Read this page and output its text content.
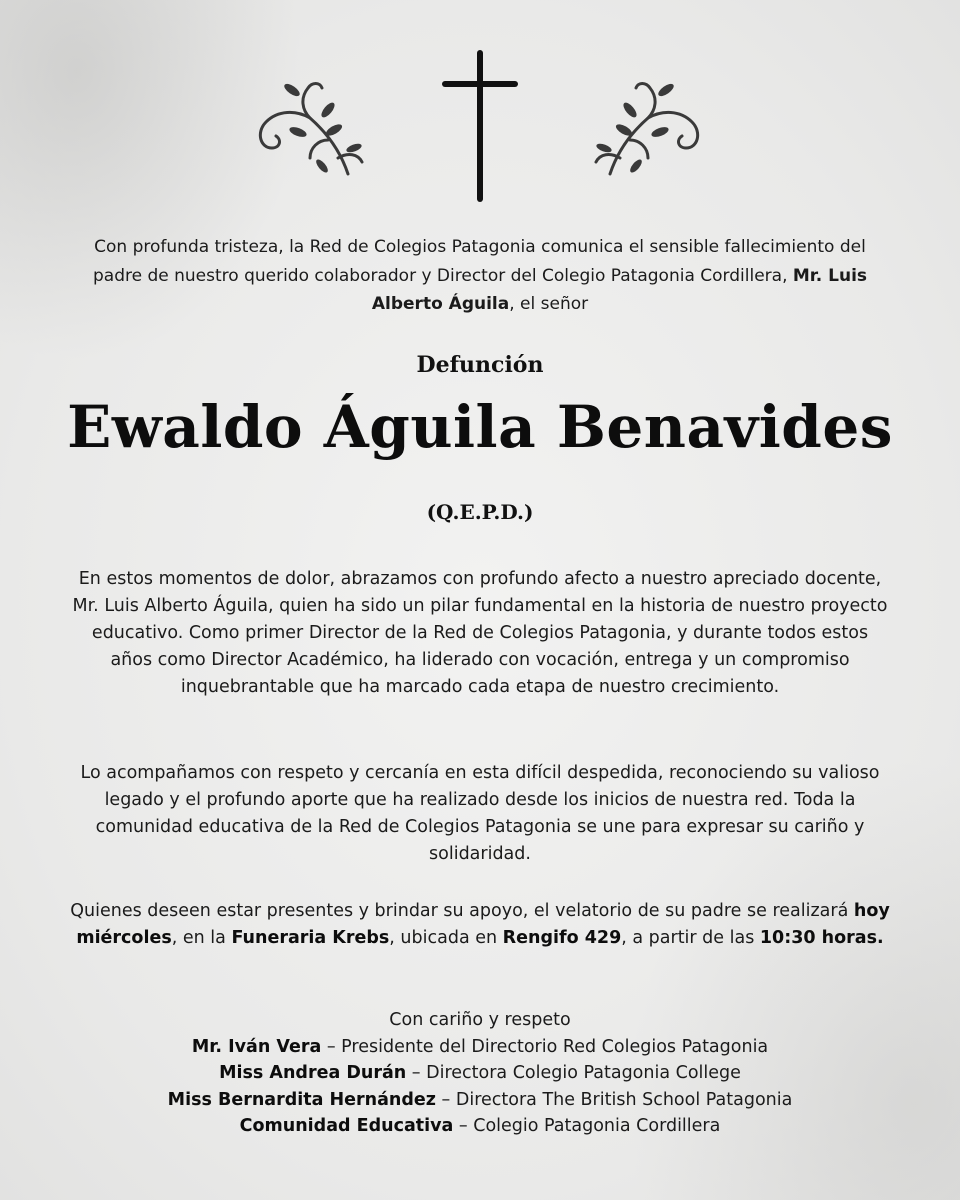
Con profunda tristeza, la Red de Colegios Patagonia comunica el sensible fallecimiento del padre de nuestro querido colaborador y Director del Colegio Patagonia Cordillera, Mr. Luis Alberto Águila, el señor
Defunción
Ewaldo Águila Benavides
(Q.E.P.D.)
En estos momentos de dolor, abrazamos con profundo afecto a nuestro apreciado docente, Mr. Luis Alberto Águila, quien ha sido un pilar fundamental en la historia de nuestro proyecto educativo. Como primer Director de la Red de Colegios Patagonia, y durante todos estos años como Director Académico, ha liderado con vocación, entrega y un compromiso inquebrantable que ha marcado cada etapa de nuestro crecimiento.
Lo acompañamos con respeto y cercanía en esta difícil despedida, reconociendo su valioso legado y el profundo aporte que ha realizado desde los inicios de nuestra red. Toda la comunidad educativa de la Red de Colegios Patagonia se une para expresar su cariño y solidaridad.
Quienes deseen estar presentes y brindar su apoyo, el velatorio de su padre se realizará hoy miércoles, en la Funeraria Krebs, ubicada en Rengifo 429, a partir de las 10:30 horas.
Con cariño y respeto
Mr. Iván Vera – Presidente del Directorio Red Colegios Patagonia
Miss Andrea Durán – Directora Colegio Patagonia College
Miss Bernardita Hernández – Directora The British School Patagonia
Comunidad Educativa – Colegio Patagonia Cordillera
